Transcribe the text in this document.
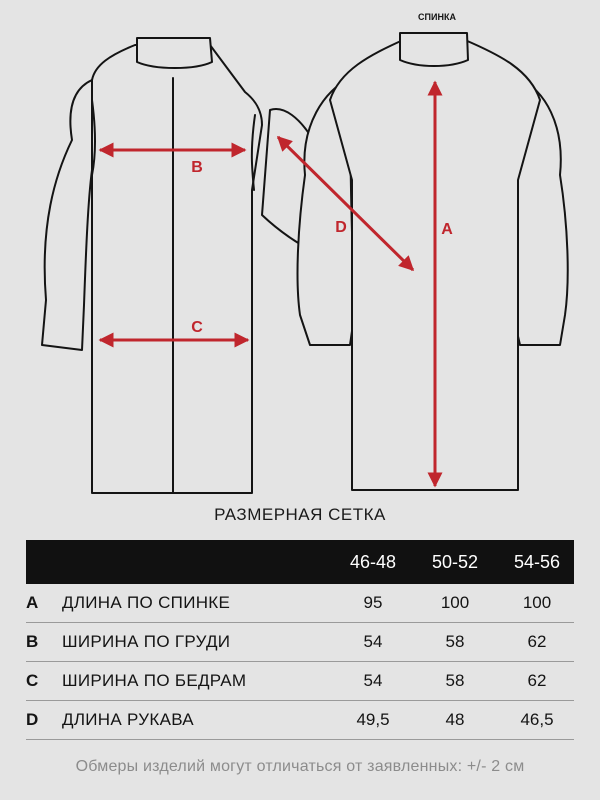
B
C
D	A
СПИНКА
РАЗМЕРНАЯ СЕТКА
46-48	50-52	54-56
A ДЛИНА ПО СПИНКЕ	95	100	100
B ШИРИНА ПО ГРУДИ	54	58	62
C ШИРИНА ПО БЕДРАМ	54	58	62
D ДЛИНА РУКАВА	49,5	48	46,5
Обмеры изделий могут отличаться от заявленных: +/- 2 см
